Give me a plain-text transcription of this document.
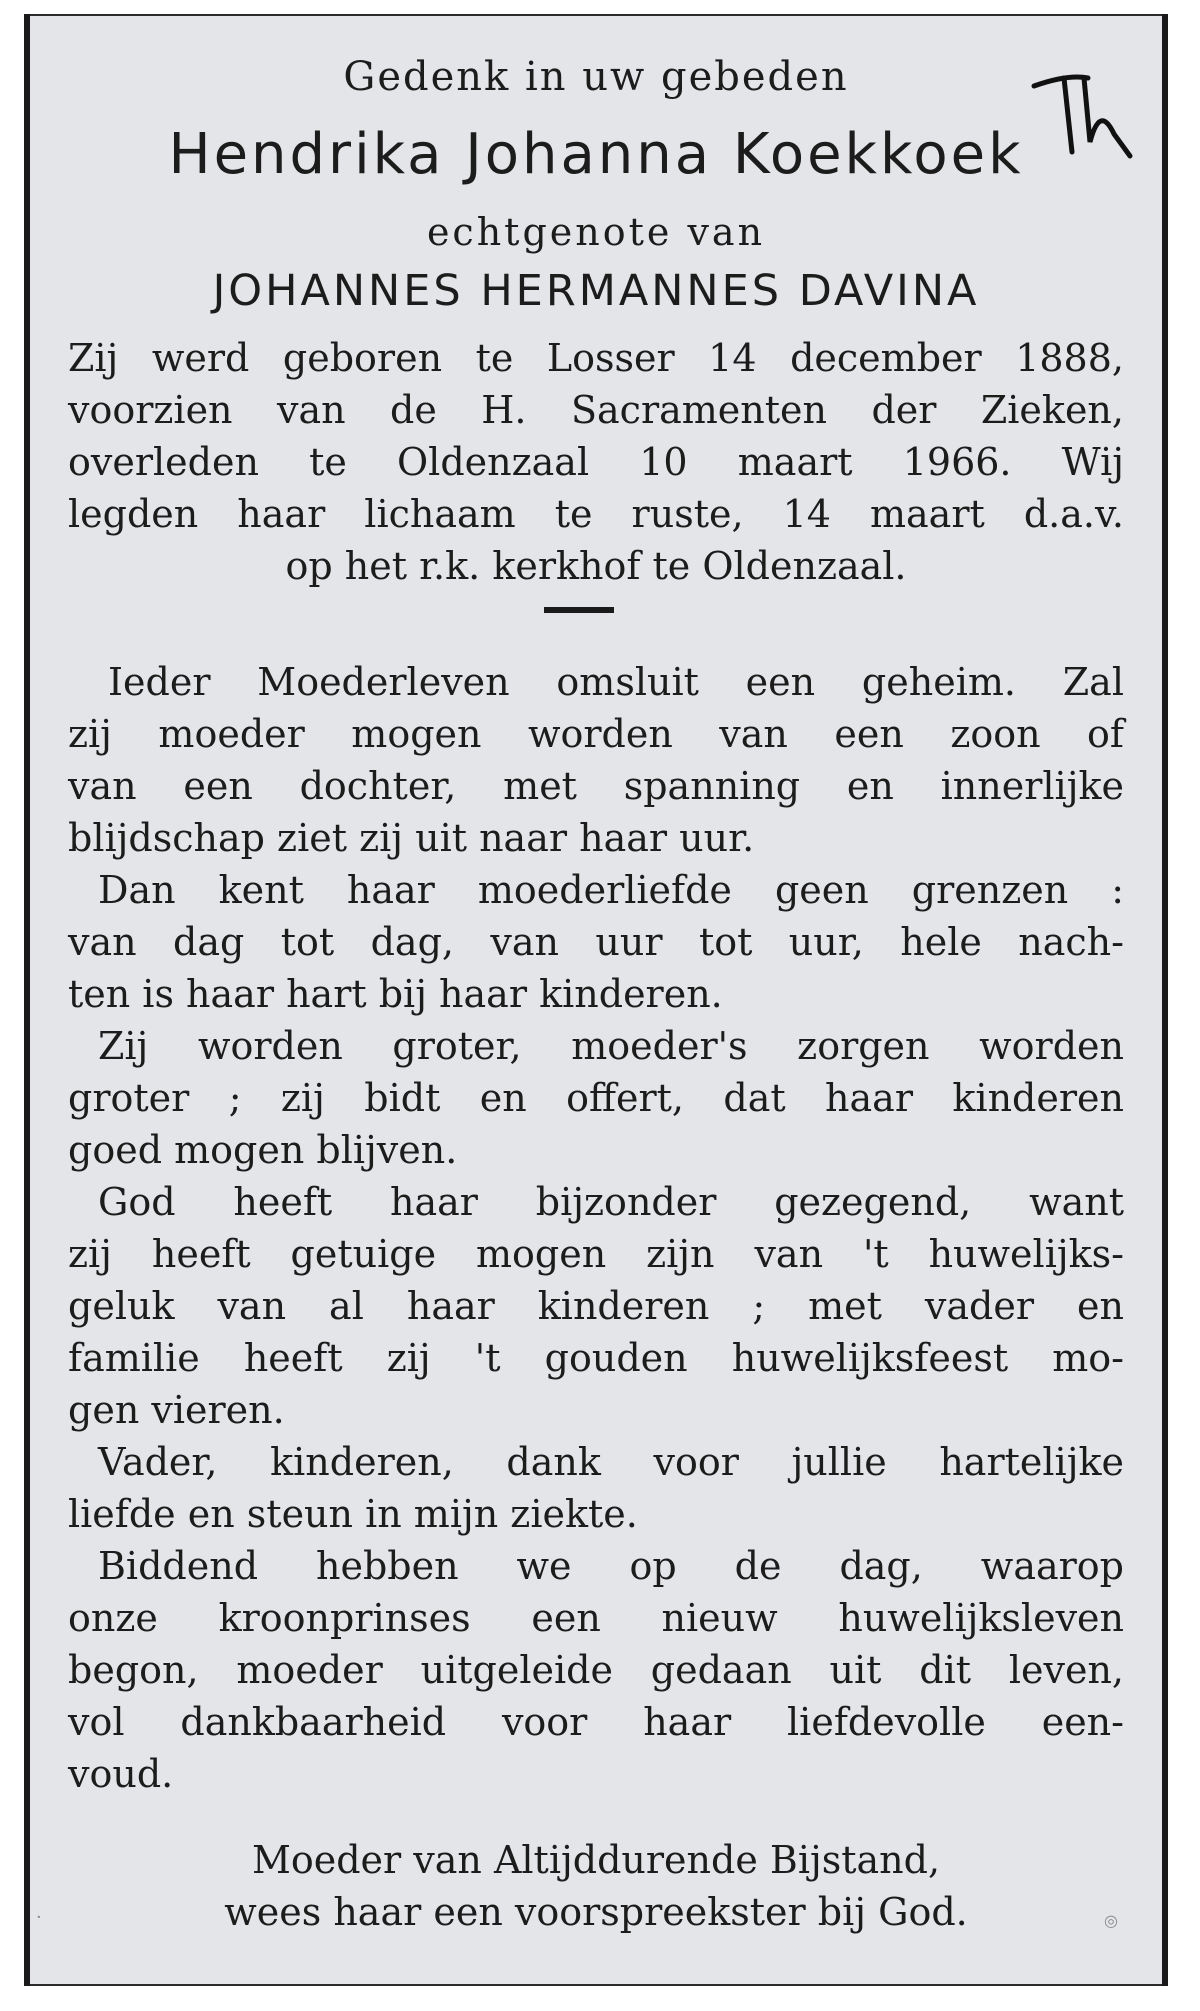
Gedenk in uw gebeden
Hendrika Johanna Koekkoek
echtgenote van
JOHANNES HERMANNES DAVINA
Zij werd geboren te Losser 14 december 1888,
voorzien van de H. Sacramenten der Zieken,
overleden te Oldenzaal 10 maart 1966. Wij
legden haar lichaam te ruste, 14 maart d.a.v.
op het r.k. kerkhof te Oldenzaal.
Ieder Moederleven omsluit een geheim. Zal
zij moeder mogen worden van een zoon of
van een dochter, met spanning en innerlijke
blijdschap ziet zij uit naar haar uur.
Dan kent haar moederliefde geen grenzen :
van dag tot dag, van uur tot uur, hele nach-
ten is haar hart bij haar kinderen.
Zij worden groter, moeder's zorgen worden
groter ; zij bidt en offert, dat haar kinderen
goed mogen blijven.
God heeft haar bijzonder gezegend, want
zij heeft getuige mogen zijn van 't huwelijks-
geluk van al haar kinderen ; met vader en
familie heeft zij 't gouden huwelijksfeest mo-
gen vieren.
Vader, kinderen, dank voor jullie hartelijke
liefde en steun in mijn ziekte.
Biddend hebben we op de dag, waarop
onze kroonprinses een nieuw huwelijksleven
begon, moeder uitgeleide gedaan uit dit leven,
vol dankbaarheid voor haar liefdevolle een-
voud.
Moeder van Altijddurende Bijstand,
wees haar een voorspreekster bij God.
·	◎
